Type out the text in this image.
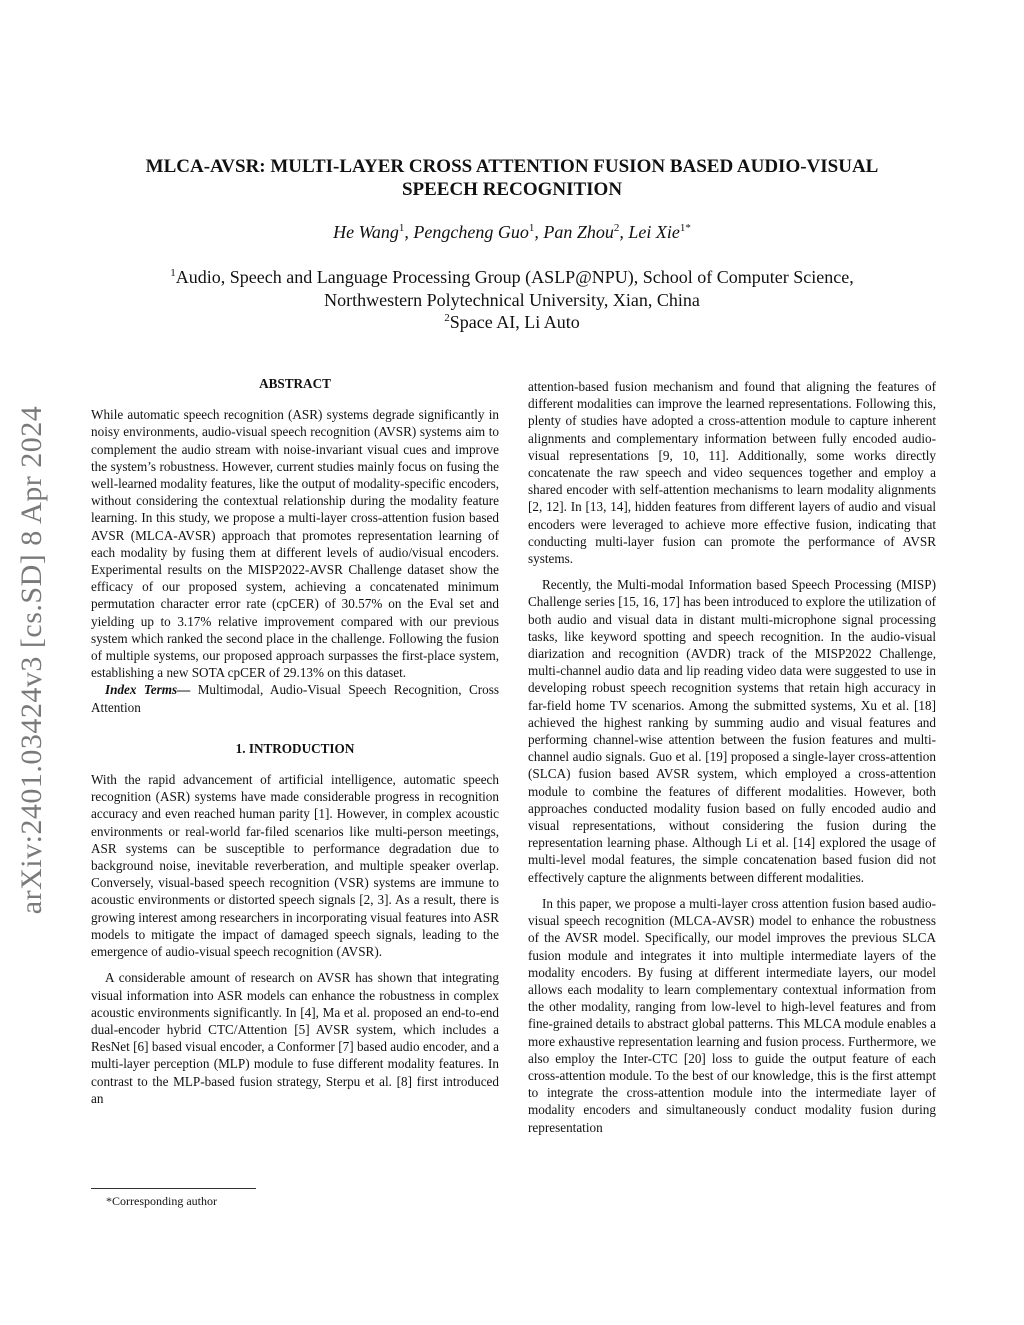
arXiv:2401.03424v3 [cs.SD] 8 Apr 2024
MLCA-AVSR: MULTI-LAYER CROSS ATTENTION FUSION BASED AUDIO-VISUAL
SPEECH RECOGNITION
He Wang$^1$, Pengcheng Guo$^1$, Pan Zhou$^2$, Lei Xie$^{1*}$
$^1$Audio, Speech and Language Processing Group (ASLP@NPU), School of Computer Science,
Northwestern Polytechnical University, Xian, China
$^2$Space AI, Li Auto
ABSTRACT

While automatic speech recognition (ASR) systems degrade significantly in noisy environments, audio-visual speech recognition (AVSR) systems aim to complement the audio stream with noise-invariant visual cues and improve the system’s robustness. However, current studies mainly focus on fusing the well-learned modality features, like the output of modality-specific encoders, without considering the contextual relationship during the modality feature learning. In this study, we propose a multi-layer cross-attention fusion based AVSR (MLCA-AVSR) approach that promotes representation learning of each modality by fusing them at different levels of audio/visual encoders. Experimental results on the MISP2022-AVSR Challenge dataset show the efficacy of our proposed system, achieving a concatenated minimum permutation character error rate (cpCER) of 30.57% on the Eval set and yielding up to 3.17% relative improvement compared with our previous system which ranked the second place in the challenge. Following the fusion of multiple systems, our proposed approach surpasses the first-place system, establishing a new SOTA cpCER of 29.13% on this dataset.

Index Terms— Multimodal, Audio-Visual Speech Recognition, Cross Attention

1. INTRODUCTION

With the rapid advancement of artificial intelligence, automatic speech recognition (ASR) systems have made considerable progress in recognition accuracy and even reached human parity [1]. However, in complex acoustic environments or real-world far-filed scenarios like multi-person meetings, ASR systems can be susceptible to performance degradation due to background noise, inevitable reverberation, and multiple speaker overlap. Conversely, visual-based speech recognition (VSR) systems are immune to acoustic environments or distorted speech signals [2, 3]. As a result, there is growing interest among researchers in incorporating visual features into ASR models to mitigate the impact of damaged speech signals, leading to the emergence of audio-visual speech recognition (AVSR).

A considerable amount of research on AVSR has shown that integrating visual information into ASR models can enhance the robustness in complex acoustic environments significantly. In [4], Ma et al. proposed an end-to-end dual-encoder hybrid CTC/Attention [5] AVSR system, which includes a ResNet [6] based visual encoder, a Conformer [7] based audio encoder, and a multi-layer perception (MLP) module to fuse different modality features. In contrast to the MLP-based fusion strategy, Sterpu et al. [8] first introduced an

attention-based fusion mechanism and found that aligning the features of different modalities can improve the learned representations. Following this, plenty of studies have adopted a cross-attention module to capture inherent alignments and complementary information between fully encoded audio-visual representations [9, 10, 11]. Additionally, some works directly concatenate the raw speech and video sequences together and employ a shared encoder with self-attention mechanisms to learn modality alignments [2, 12]. In [13, 14], hidden features from different layers of audio and visual encoders were leveraged to achieve more effective fusion, indicating that conducting multi-layer fusion can promote the performance of AVSR systems.

Recently, the Multi-modal Information based Speech Processing (MISP) Challenge series [15, 16, 17] has been introduced to explore the utilization of both audio and visual data in distant multi-microphone signal processing tasks, like keyword spotting and speech recognition. In the audio-visual diarization and recognition (AVDR) track of the MISP2022 Challenge, multi-channel audio data and lip reading video data were suggested to use in developing robust speech recognition systems that retain high accuracy in far-field home TV scenarios. Among the submitted systems, Xu et al. [18] achieved the highest ranking by summing audio and visual features and performing channel-wise attention between the fusion features and multi-channel audio signals. Guo et al. [19] proposed a single-layer cross-attention (SLCA) fusion based AVSR system, which employed a cross-attention module to combine the features of different modalities. However, both approaches conducted modality fusion based on fully encoded audio and visual representations, without considering the fusion during the representation learning phase. Although Li et al. [14] explored the usage of multi-level modal features, the simple concatenation based fusion did not effectively capture the alignments between different modalities.

In this paper, we propose a multi-layer cross attention fusion based audio-visual speech recognition (MLCA-AVSR) model to enhance the robustness of the AVSR model. Specifically, our model improves the previous SLCA fusion module and integrates it into multiple intermediate layers of the modality encoders. By fusing at different intermediate layers, our model allows each modality to learn complementary contextual information from the other modality, ranging from low-level to high-level features and from fine-grained details to abstract global patterns. This MLCA module enables a more exhaustive representation learning and fusion process. Furthermore, we also employ the Inter-CTC [20] loss to guide the output feature of each cross-attention module. To the best of our knowledge, this is the first attempt to integrate the cross-attention module into the intermediate layer of modality encoders and simultaneously conduct modality fusion during representation

*Corresponding author
